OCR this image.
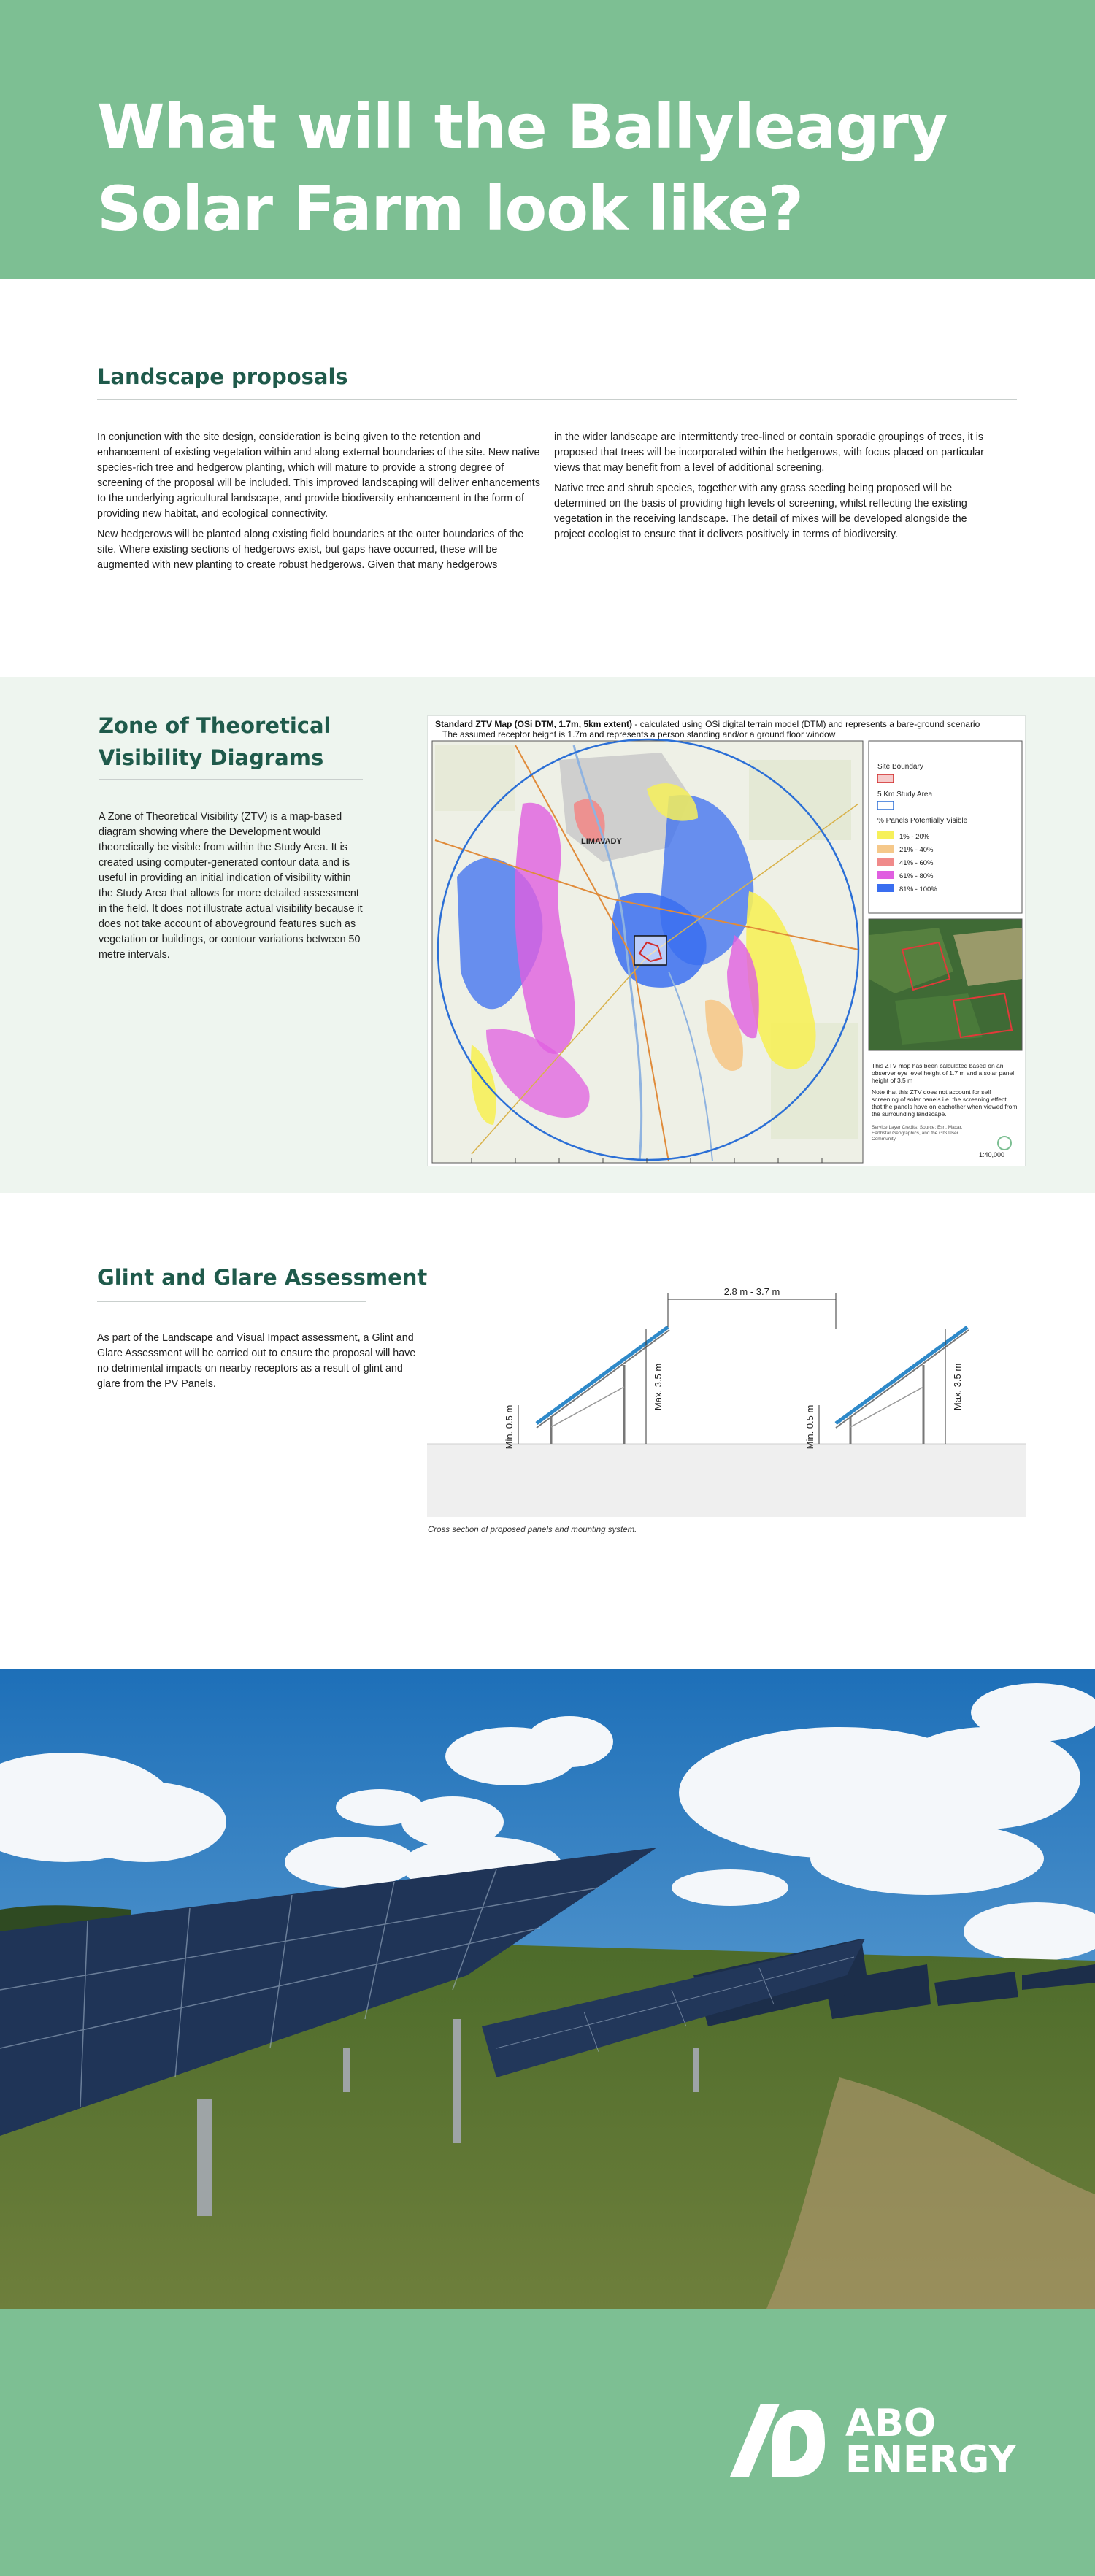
What will the Ballyleagry
Solar Farm look like?
Landscape proposals

In conjunction with the site design, consideration is being given to the retention and enhancement of existing vegetation within and along external boundaries of the site. New native species-rich tree and hedgerow planting, which will mature to provide a strong degree of screening of the proposal will be included. This improved landscaping will deliver enhancements to the underlying agricultural landscape, and provide biodiversity enhancement in the form of providing new habitat, and ecological connectivity.

New hedgerows will be planted along existing field boundaries at the outer boundaries of the site. Where existing sections of hedgerows exist, but gaps have occurred, these will be augmented with new planting to create robust hedgerows. Given that many hedgerows

in the wider landscape are intermittently tree-lined or contain sporadic groupings of trees, it is proposed that trees will be incorporated within the hedgerows, with focus placed on particular views that may benefit from a level of additional screening.

Native tree and shrub species, together with any grass seeding being proposed will be determined on the basis of providing high levels of screening, whilst reflecting the existing vegetation in the receiving landscape. The detail of mixes will be developed alongside the project ecologist to ensure that it delivers positively in terms of biodiversity.

Zone of Theoretical
Visibility Diagrams
A Zone of Theoretical Visibility (ZTV) is a map-based diagram showing where the Development would theoretically be visible from within the Study Area. It is created using computer-generated contour data and is useful in providing an initial indication of visibility within the Study Area that allows for more detailed assessment in the field. It does not illustrate actual visibility because it does not take account of aboveground features such as vegetation or buildings, or contour variations between 50 metre intervals.
Standard ZTV Map (OSi DTM, 1.7m, 5km extent) - calculated using OSi digital terrain model (DTM) and represents a bare-ground scenario
The assumed receptor height is 1.7m and represents a person standing and/or a ground floor window
LIMAVADY
Site Boundary
5 Km Study Area
% Panels Potentially Visible
1% - 20%
21% - 40%
41% - 60%
61% - 80%
81% - 100%
1:40,000
This ZTV map has been calculated based on an observer eye level height of 1.7 m and a solar panel height of 3.5 m
Note that this ZTV does not account for self screening of solar panels i.e. the screening effect that the panels have on eachother when viewed from the surrounding landscape.
Service Layer Credits: Source: Esri, Maxar, Earthstar Geographics, and the GIS User Community
Glint and Glare Assessment
As part of the Landscape and Visual Impact assessment, a Glint and Glare Assessment will be carried out to ensure the proposal will have no detrimental impacts on nearby receptors as a result of glint and glare from the PV Panels.
2.8 m - 3.7 m
Min. 0.5 m
Max. 3.5 m
Min. 0.5 m
Max. 3.5 m
Cross section of proposed panels and mounting system.
ABO
ENERGY
